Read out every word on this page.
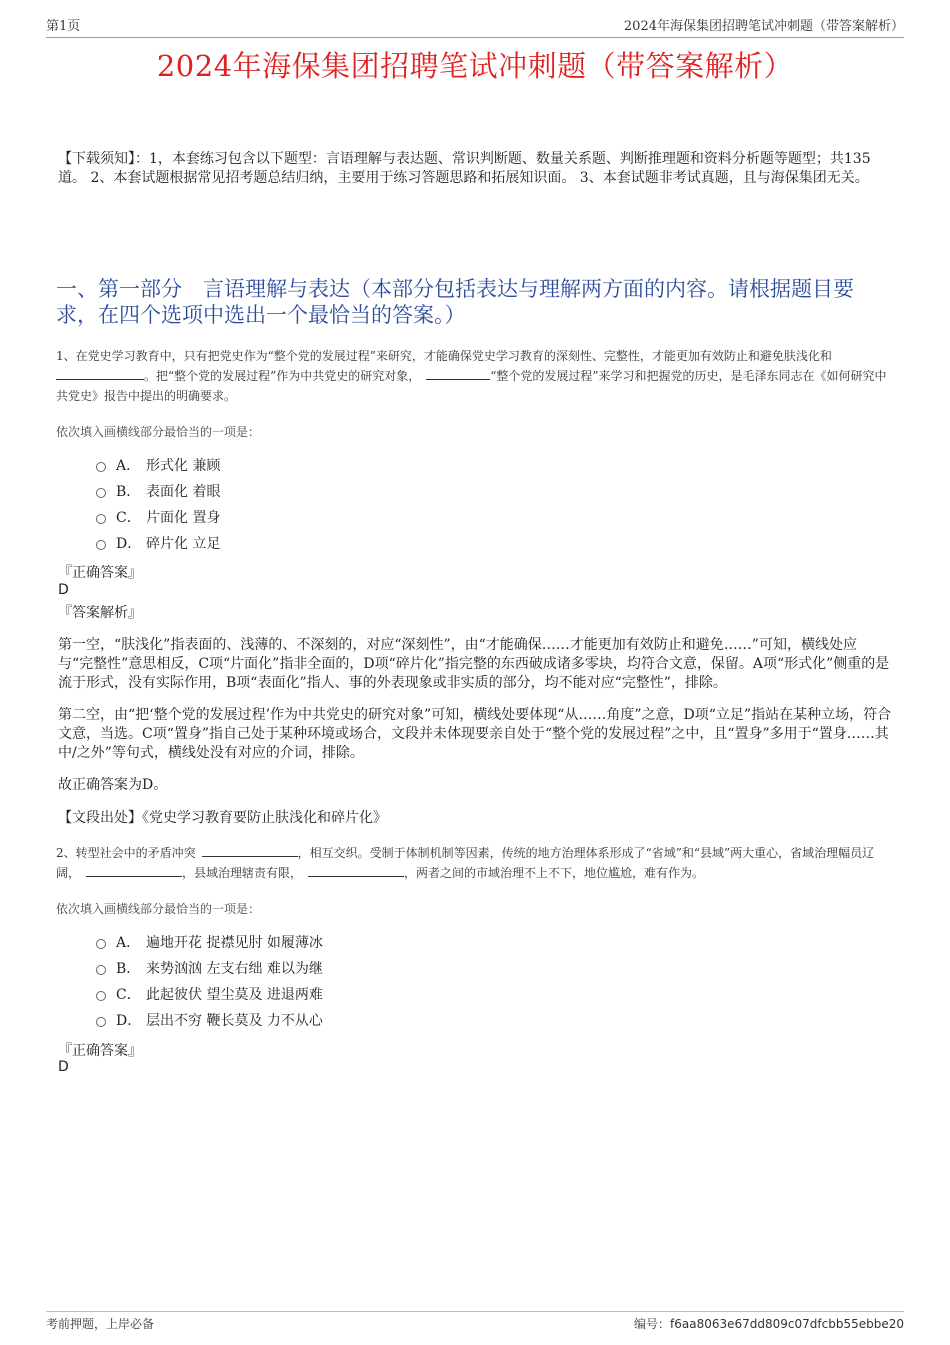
第1页	2024年海保集团招聘笔试冲刺题（带答案解析）
2024年海保集团招聘笔试冲刺题（带答案解析）
【下载须知】：1，本套练习包含以下题型：言语理解与表达题、常识判断题、数量关系题、判断推理题和资料分析题等题型；共135道。 2、本套试题根据常见招考题总结归纳，主要用于练习答题思路和拓展知识面。 3、本套试题非考试真题，且与海保集团无关。
一、第一部分　言语理解与表达（本部分包括表达与理解两方面的内容。请根据题目要求，在四个选项中选出一个最恰当的答案。）
1、在党史学习教育中，只有把党史作为“整个党的发展过程”来研究，才能确保党史学习教育的深刻性、完整性，才能更加有效防止和避免肤浅化和。把“整个党的发展过程”作为中共党史的研究对象，	“整个党的发展过程”来学习和把握党的历史，是毛泽东同志在《如何研究中共党史》报告中提出的明确要求。
依次填入画横线部分最恰当的一项是：
A． 形式化 兼顾
B． 表面化 着眼
C． 片面化 置身
D． 碎片化 立足
『正确答案』
D
『答案解析』
第一空，“肤浅化”指表面的、浅薄的、不深刻的，对应“深刻性”，由“才能确保……才能更加有效防止和避免……”可知，横线处应与“完整性”意思相反，C项“片面化”指非全面的，D项“碎片化”指完整的东西破成诸多零块，均符合文意，保留。A项“形式化”侧重的是流于形式，没有实际作用，B项“表面化”指人、事的外表现象或非实质的部分，均不能对应“完整性”，排除。
第二空，由“把‘整个党的发展过程’作为中共党史的研究对象”可知，横线处要体现“从……角度”之意，D项“立足”指站在某种立场，符合文意，当选。C项“置身”指自己处于某种环境或场合，文段并未体现要亲自处于“整个党的发展过程”之中，且“置身”多用于“置身……其中/之外”等句式，横线处没有对应的介词，排除。
故正确答案为D。
【文段出处】《党史学习教育要防止肤浅化和碎片化》
2、转型社会中的矛盾冲突	，相互交织。受制于体制机制等因素，传统的地方治理体系形成了“省域”和“县域”两大重心，省域治理幅员辽阔，	，县域治理辖责有限，	，两者之间的市域治理不上不下，地位尴尬，难有作为。
依次填入画横线部分最恰当的一项是：
A． 遍地开花 捉襟见肘 如履薄冰
B． 来势汹汹 左支右绌 难以为继
C． 此起彼伏 望尘莫及 进退两难
D． 层出不穷 鞭长莫及 力不从心
『正确答案』
D
考前押题，上岸必备	编号：f6aa8063e67dd809c07dfcbb55ebbe20
